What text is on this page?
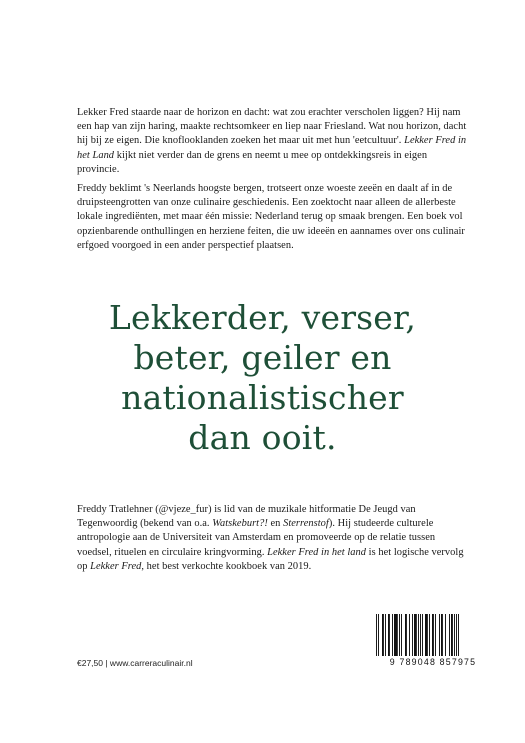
Lekker Fred staarde naar de horizon en dacht: wat zou erachter verscholen liggen? Hij nam een hap van zijn haring, maakte rechtsomkeer en liep naar Friesland. Wat nou horizon, dacht hij bij ze eigen. Die knoflooklanden zoeken het maar uit met hun 'eetcultuur'. Lekker Fred in het Land kijkt niet verder dan de grens en neemt u mee op ontdekkingsreis in eigen provincie.

Freddy beklimt 's Neerlands hoogste bergen, trotseert onze woeste zeeën en daalt af in de druipsteengrotten van onze culinaire geschiedenis. Een zoektocht naar alleen de allerbeste lokale ingrediënten, met maar één missie: Nederland terug op smaak brengen. Een boek vol opzienbarende onthullingen en herziene feiten, die uw ideeën en aannames over ons culinair erfgoed voorgoed in een ander perspectief plaatsen.

Lekkerder, verser,
beter, geiler en
nationalistischer
dan ooit.

Freddy Tratlehner (@vjeze_fur) is lid van de muzikale hitformatie De Jeugd van Tegenwoordig (bekend van o.a. Watskeburt?! en Sterrenstof). Hij studeerde culturele antropologie aan de Universiteit van Amsterdam en promoveerde op de relatie tussen voedsel, rituelen en circulaire kringvorming. Lekker Fred in het land is het logische vervolg op Lekker Fred, het best verkochte kookboek van 2019.

€27,50 | www.carreraculinair.nl	9 789048 857975
